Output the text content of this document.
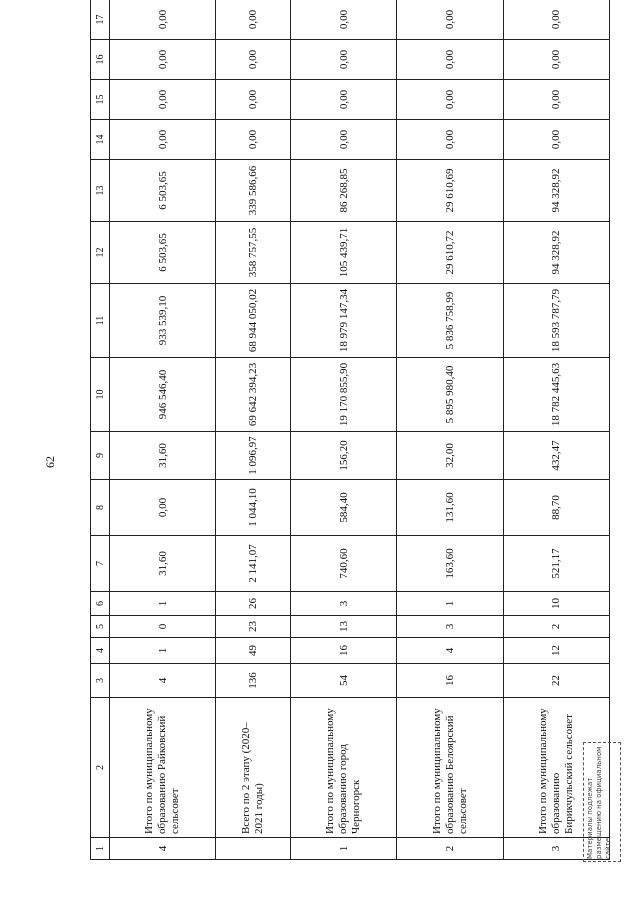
62
1	2	3	4	5	6	7	8	9	10	11	12	13	14	15	16	17		
4	Итого по муниципальному образованию Райковский сельсовет	4	1	0	1	31,60	0,00	31,60	946 546,40	933 539,10	6 503,65	6 503,65	0,00	0,00	0,00	0,00		
	Всего по 2 этапу (2020–2021 годы)	136	49	23	26	2 141,07	1 044,10	1 096,97	69 642 394,23	68 944 050,02	358 757,55	339 586,66	0,00	0,00	0,00	0,00		
1	Итого по муниципальному образованию город Черногорск	54	16	13	3	740,60	584,40	156,20	19 170 855,90	18 979 147,34	105 439,71	86 268,85	0,00	0,00	0,00	0,00		
2	Итого по муниципальному образованию Белоярский сельсовет	16	4	3	1	163,60	131,60	32,00	5 895 980,40	5 836 758,99	29 610,72	29 610,69	0,00	0,00	0,00	0,00		
3	Итого по муниципальному образованию Бирикчульский сельсовет	22	12	2	10	521,17	88,70	432,47	18 782 445,63	18 593 787,79	94 328,92	94 328,92	0,00	0,00	0,00	0,00		
Материалы подлежат размещению на официальном сайте
